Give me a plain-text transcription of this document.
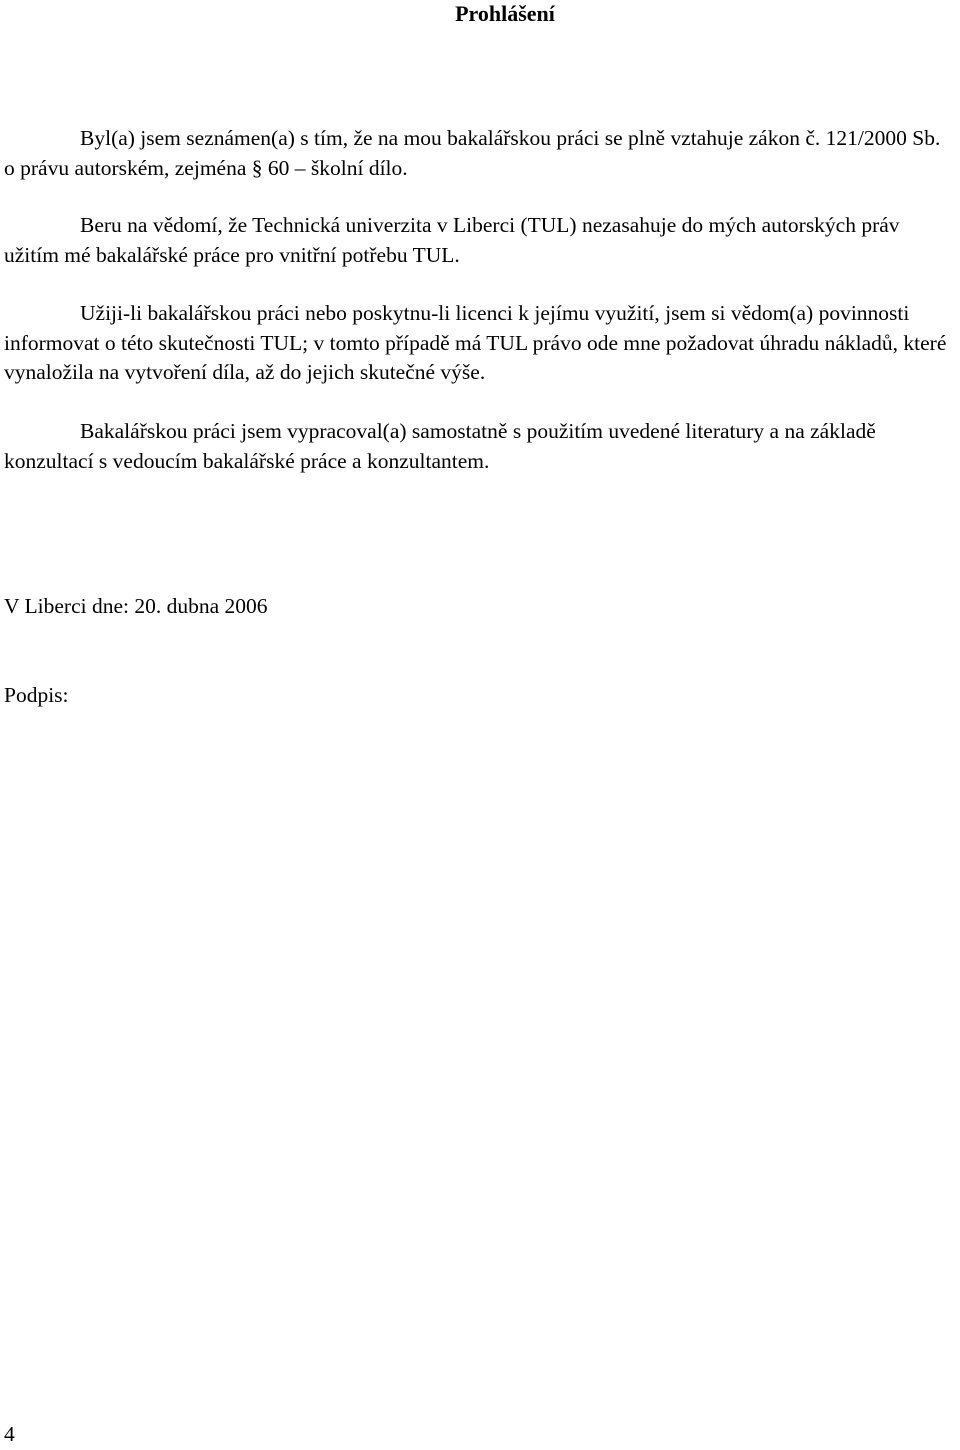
Prohlášení

Byl(a) jsem seznámen(a) s tím, že na mou bakalářskou práci se plně vztahuje zákon č. 121/2000 Sb. o právu autorském, zejména § 60 – školní dílo.

Beru na vědomí, že Technická univerzita v Liberci (TUL) nezasahuje do mých autorských práv užitím mé bakalářské práce pro vnitřní potřebu TUL.

Užiji-li bakalářskou práci nebo poskytnu-li licenci k jejímu využití, jsem si vědom(a) povinnosti informovat o této skutečnosti TUL; v tomto případě má TUL právo ode mne požadovat úhradu nákladů, které vynaložila na vytvoření díla, až do jejich skutečné výše.

Bakalářskou práci jsem vypracoval(a) samostatně s použitím uvedené literatury a na základě konzultací s vedoucím bakalářské práce a konzultantem.

V Liberci dne: 20. dubna 2006
Podpis:
4
